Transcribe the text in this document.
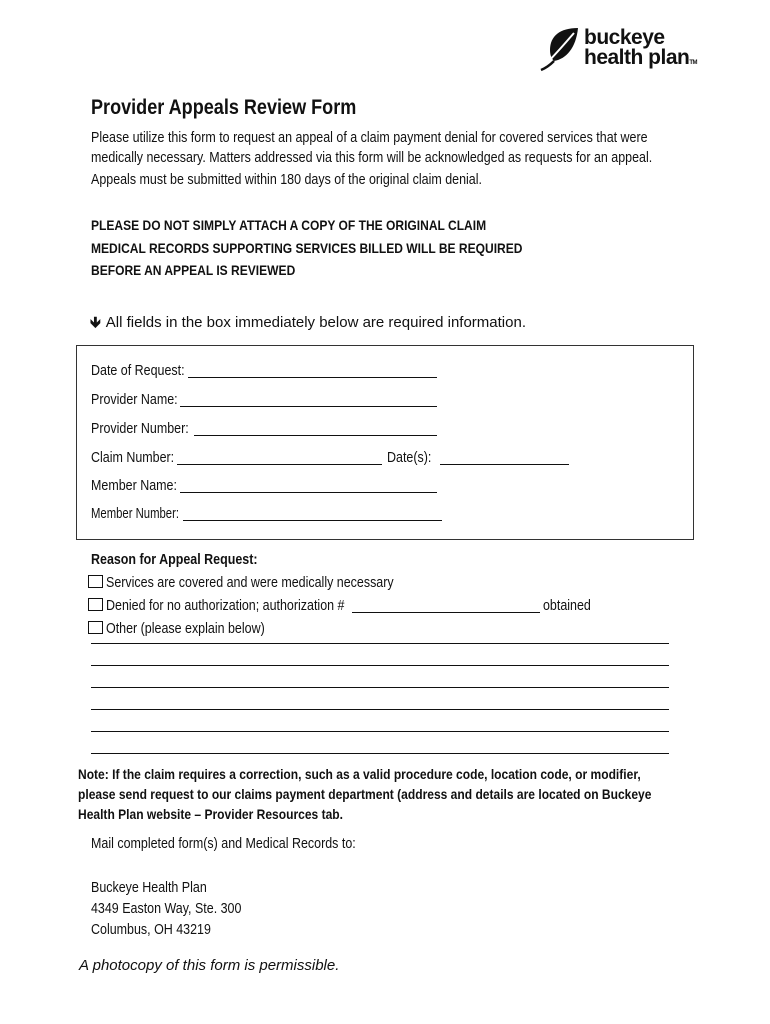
buckeye
health planTM
Provider Appeals Review Form

Please utilize this form to request an appeal of a claim payment denial for covered services that were

medically necessary. Matters addressed via this form will be acknowledged as requests for an appeal.

Appeals must be submitted within 180 days of the original claim denial.
PLEASE DO NOT SIMPLY ATTACH A COPY OF THE ORIGINAL CLAIM
MEDICAL RECORDS SUPPORTING SERVICES BILLED WILL BE REQUIRED
BEFORE AN APPEAL IS REVIEWED
🡻 All fields in the box immediately below are required information.
Date of Request:
Provider Name:
Provider Number:
Claim Number:	Date(s):
Member Name:
Member Number:
Reason for Appeal Request:
Services are covered and were medically necessary
Denied for no authorization; authorization #	obtained
Other (please explain below)
Note: If the claim requires a correction, such as a valid procedure code, location code, or modifier,
please send request to our claims payment department (address and details are located on Buckeye
Health Plan website – Provider Resources tab.
Mail completed form(s) and Medical Records to:
Buckeye Health Plan
4349 Easton Way, Ste. 300
Columbus, OH 43219
A photocopy of this form is permissible.
